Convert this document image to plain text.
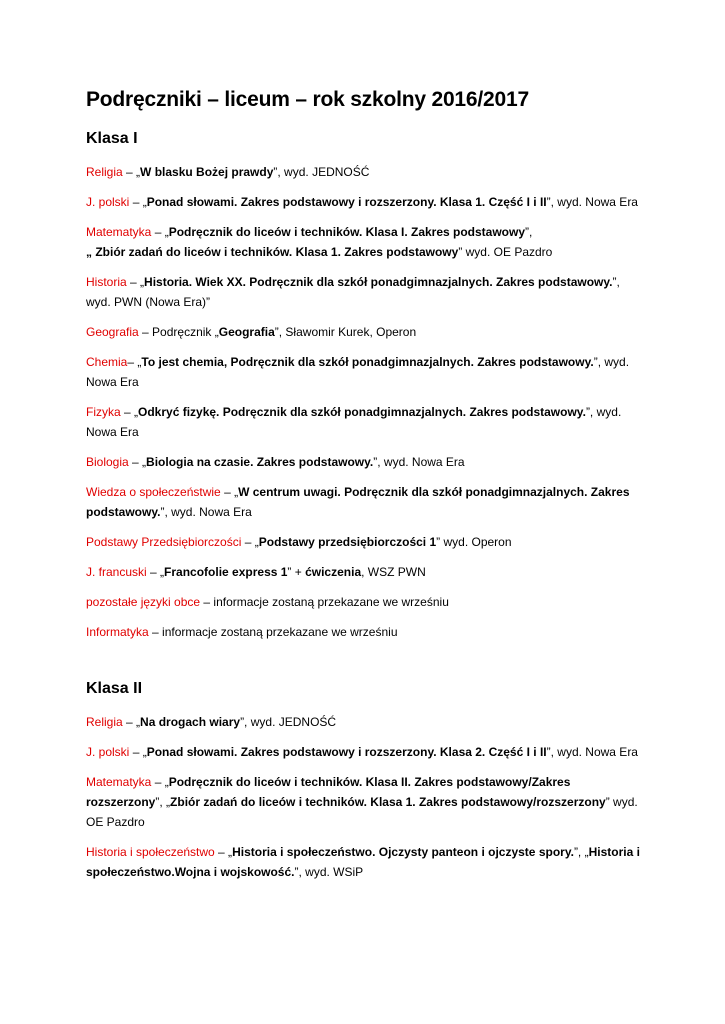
Podręczniki – liceum – rok szkolny 2016/2017
Klasa I

Religia – „W blasku Bożej prawdy”, wyd. JEDNOŚĆ

J. polski – „Ponad słowami. Zakres podstawowy i rozszerzony. Klasa 1. Część I i II”, wyd. Nowa Era

Matematyka – „Podręcznik do liceów i techników. Klasa I. Zakres podstawowy”,
„ Zbiór zadań do liceów i techników. Klasa 1. Zakres podstawowy” wyd. OE Pazdro

Historia – „Historia. Wiek XX. Podręcznik dla szkół ponadgimnazjalnych. Zakres podstawowy.”, wyd. PWN (Nowa Era)”

Geografia – Podręcznik „Geografia”, Sławomir Kurek, Operon

Chemia– „To jest chemia, Podręcznik dla szkół ponadgimnazjalnych. Zakres podstawowy.”, wyd. Nowa Era

Fizyka – „Odkryć fizykę. Podręcznik dla szkół ponadgimnazjalnych. Zakres podstawowy.”, wyd. Nowa Era

Biologia – „Biologia na czasie. Zakres podstawowy.”, wyd. Nowa Era

Wiedza o społeczeństwie – „W centrum uwagi. Podręcznik dla szkół ponadgimnazjalnych. Zakres podstawowy.”, wyd. Nowa Era

Podstawy Przedsiębiorczości – „Podstawy przedsiębiorczości 1” wyd. Operon

J. francuski – „Francofolie express 1” + ćwiczenia, WSZ PWN

pozostałe języki obce – informacje zostaną przekazane we wrześniu

Informatyka – informacje zostaną przekazane we wrześniu

Klasa II

Religia – „Na drogach wiary”, wyd. JEDNOŚĆ

J. polski – „Ponad słowami. Zakres podstawowy i rozszerzony. Klasa 2. Część I i II”, wyd. Nowa Era

Matematyka – „Podręcznik do liceów i techników. Klasa II. Zakres podstawowy/Zakres rozszerzony”, „Zbiór zadań do liceów i techników. Klasa 1. Zakres podstawowy/rozszerzony” wyd. OE Pazdro

Historia i społeczeństwo – „Historia i społeczeństwo. Ojczysty panteon i ojczyste spory.”, „Historia i społeczeństwo.Wojna i wojskowość.”, wyd. WSiP
